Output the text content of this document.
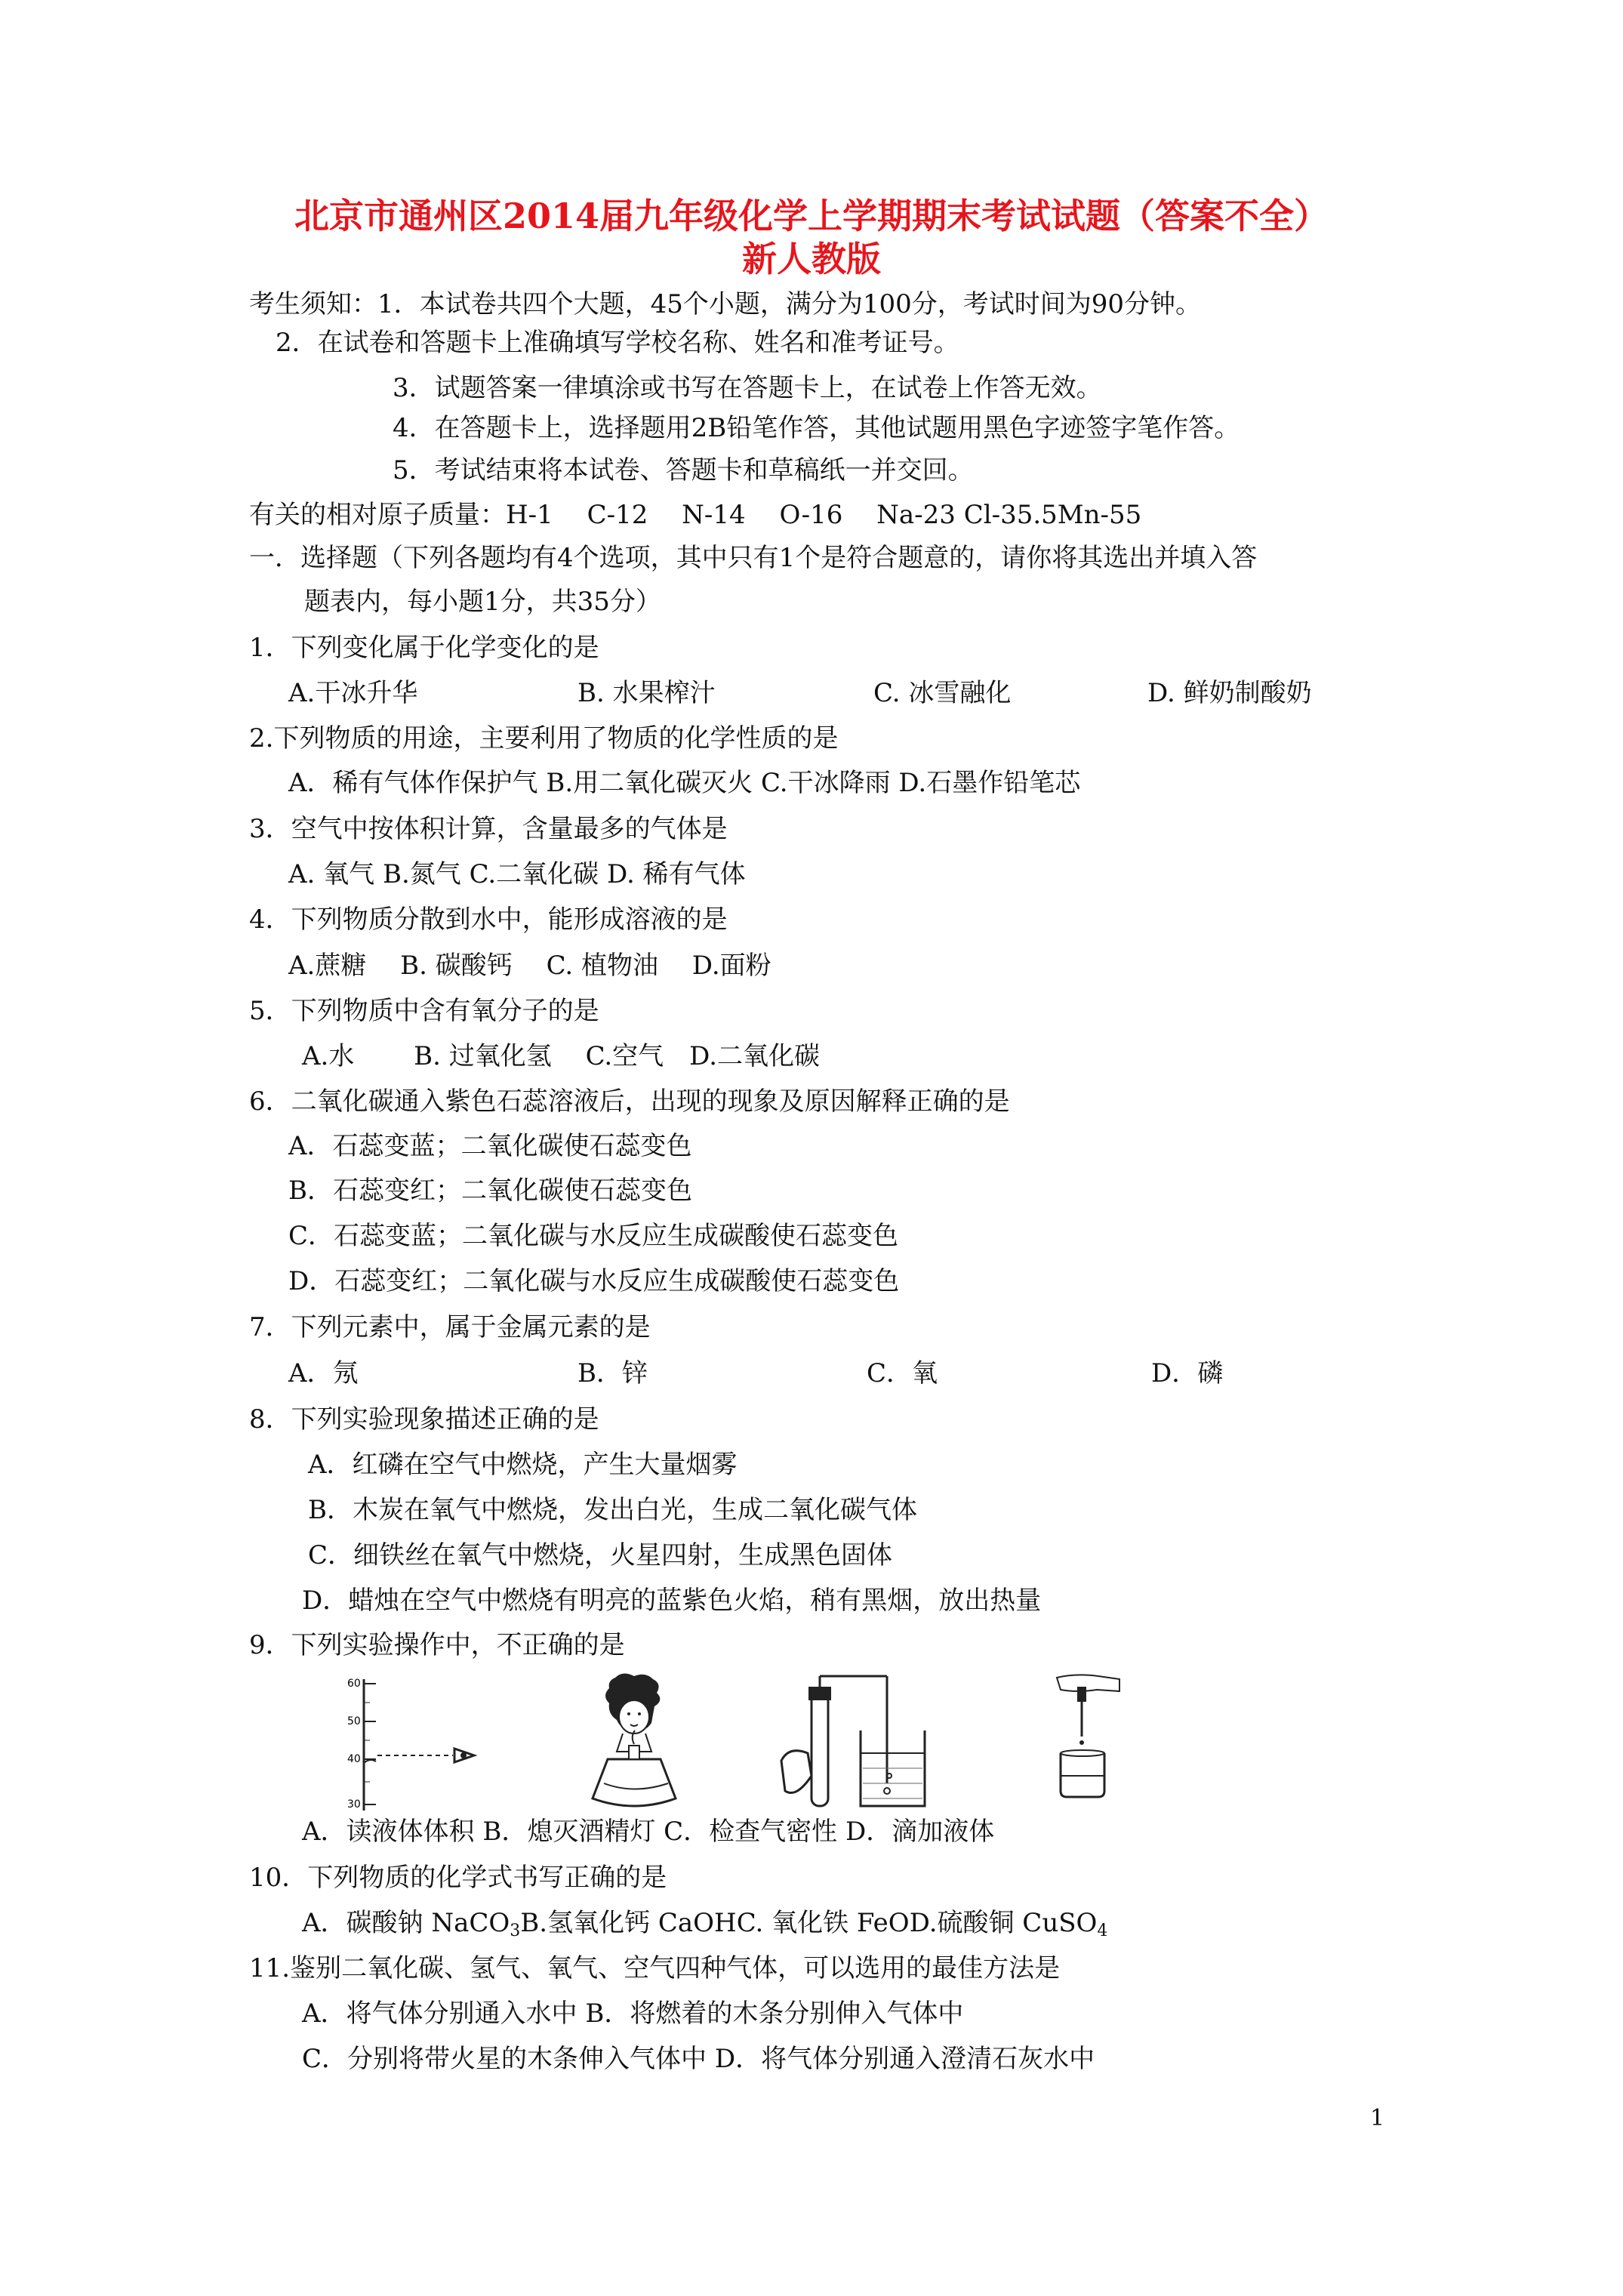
北京市通州区2014届九年级化学上学期期末考试试题（答案不全）
新人教版
考生须知：1．本试卷共四个大题，45个小题，满分为100分，考试时间为90分钟。
2．在试卷和答题卡上准确填写学校名称、姓名和准考证号。
3．试题答案一律填涂或书写在答题卡上，在试卷上作答无效。
4．在答题卡上，选择题用2B铅笔作答，其他试题用黑色字迹签字笔作答。
5．考试结束将本试卷、答题卡和草稿纸一并交回。
有关的相对原子质量：H-1　 C-12　 N-14　 O-16　 Na-23 Cl-35.5Mn-55
一．选择题（下列各题均有4个选项，其中只有1个是符合题意的，请你将其选出并填入答
题表内，每小题1分，共35分）
1．下列变化属于化学变化的是
A.干冰升华	B. 水果榨汁	C. 冰雪融化	D. 鲜奶制酸奶
2.下列物质的用途，主要利用了物质的化学性质的是
A．稀有气体作保护气 B.用二氧化碳灭火 C.干冰降雨 D.石墨作铅笔芯
3．空气中按体积计算，含量最多的气体是
A. 氧气 B.氮气 C.二氧化碳 D. 稀有气体
4．下列物质分散到水中，能形成溶液的是
A.蔗糖　 B. 碳酸钙　 C. 植物油　 D.面粉
5．下列物质中含有氧分子的是
A.水　　 B. 过氧化氢　 C.空气　D.二氧化碳
6．二氧化碳通入紫色石蕊溶液后，出现的现象及原因解释正确的是
A．石蕊变蓝；二氧化碳使石蕊变色
B．石蕊变红；二氧化碳使石蕊变色
C．石蕊变蓝；二氧化碳与水反应生成碳酸使石蕊变色
D．石蕊变红；二氧化碳与水反应生成碳酸使石蕊变色
7．下列元素中，属于金属元素的是
A．氖	B．锌	C．氧	D．磷
8．下列实验现象描述正确的是
A．红磷在空气中燃烧，产生大量烟雾
B．木炭在氧气中燃烧，发出白光，生成二氧化碳气体
C．细铁丝在氧气中燃烧，火星四射，生成黑色固体
D．蜡烛在空气中燃烧有明亮的蓝紫色火焰，稍有黑烟，放出热量
9．下列实验操作中，不正确的是
60
50
40
30
A．读液体体积 B．熄灭酒精灯 C．检查气密性 D．滴加液体
10．下列物质的化学式书写正确的是
A．碳酸钠 NaCO$_3$B.氢氧化钙 CaOHC. 氧化铁 FeOD.硫酸铜 CuSO$_4$
11.鉴别二氧化碳、氢气、氧气、空气四种气体，可以选用的最佳方法是
A．将气体分别通入水中 B．将燃着的木条分别伸入气体中
C．分别将带火星的木条伸入气体中 D．将气体分别通入澄清石灰水中
1
